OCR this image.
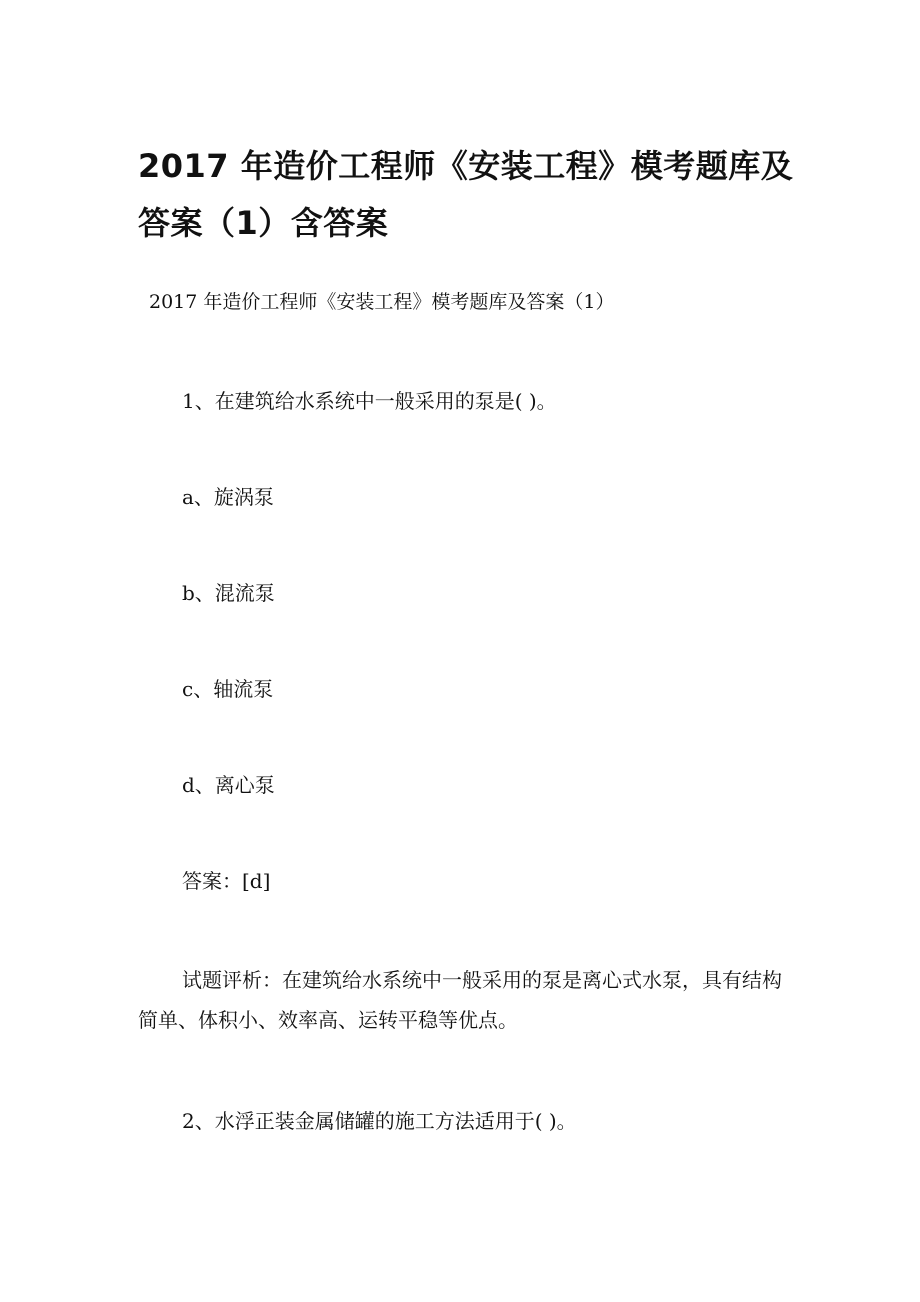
2017 年造价工程师《安装工程》模考题库及答案（1）含答案
2017 年造价工程师《安装工程》模考题库及答案（1）
1、在建筑给水系统中一般采用的泵是( )。
a、旋涡泵
b、混流泵
c、轴流泵
d、离心泵
答案：[d]
试题评析：在建筑给水系统中一般采用的泵是离心式水泵，具有结构简单、体积小、效率高、运转平稳等优点。
2、水浮正装金属储罐的施工方法适用于( )。
